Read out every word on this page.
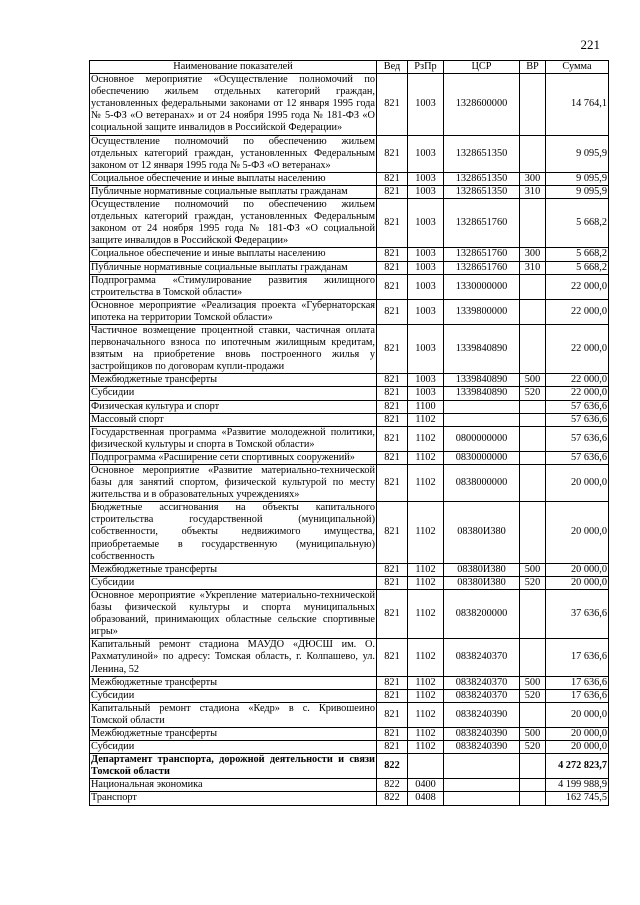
221
Наименование показателей	Вед	РзПр	ЦСР	ВР	Сумма
Основное мероприятие «Осуществление полномочий по обеспечению жильем отдельных категорий граждан, установленных федеральными законами от 12 января 1995 года № 5-ФЗ «О ветеранах» и от 24 ноября 1995 года № 181-ФЗ «О социальной защите инвалидов в Российской Федерации»	821	1003	1328600000		14 764,1
Осуществление полномочий по обеспечению жильем отдельных категорий граждан, установленных Федеральным законом от 12 января 1995 года № 5-ФЗ «О ветеранах»	821	1003	1328651350		9 095,9
Социальное обеспечение и иные выплаты населению	821	1003	1328651350	300	9 095,9
Публичные нормативные социальные выплаты гражданам	821	1003	1328651350	310	9 095,9
Осуществление полномочий по обеспечению жильем отдельных категорий граждан, установленных Федеральным законом от 24 ноября 1995 года № 181-ФЗ «О социальной защите инвалидов в Российской Федерации»	821	1003	1328651760		5 668,2
Социальное обеспечение и иные выплаты населению	821	1003	1328651760	300	5 668,2
Публичные нормативные социальные выплаты гражданам	821	1003	1328651760	310	5 668,2
Подпрограмма «Стимулирование развития жилищного строительства в Томской области»	821	1003	1330000000		22 000,0
Основное мероприятие «Реализация проекта «Губернаторская ипотека на территории Томской области»	821	1003	1339800000		22 000,0
Частичное возмещение процентной ставки, частичная оплата первоначального взноса по ипотечным жилищным кредитам, взятым на приобретение вновь построенного жилья у застройщиков по договорам купли-продажи	821	1003	1339840890		22 000,0
Межбюджетные трансферты	821	1003	1339840890	500	22 000,0
Субсидии	821	1003	1339840890	520	22 000,0
Физическая культура и спорт	821	1100			57 636,6
Массовый спорт	821	1102			57 636,6
Государственная программа «Развитие молодежной политики, физической культуры и спорта в Томской области»	821	1102	0800000000		57 636,6
Подпрограмма «Расширение сети спортивных сооружений»	821	1102	0830000000		57 636,6
Основное мероприятие «Развитие материально-технической базы для занятий спортом, физической культурой по месту жительства и в образовательных учреждениях»	821	1102	0838000000		20 000,0
Бюджетные ассигнования на объекты капитального строительства государственной (муниципальной) собственности, объекты недвижимого имущества, приобретаемые в государственную (муниципальную) собственность	821	1102	08380И380		20 000,0
Межбюджетные трансферты	821	1102	08380И380	500	20 000,0
Субсидии	821	1102	08380И380	520	20 000,0
Основное мероприятие «Укрепление материально-технической базы физической культуры и спорта муниципальных образований, принимающих областные сельские спортивные игры»	821	1102	0838200000		37 636,6
Капитальный ремонт стадиона МАУДО «ДЮСШ им. О. Рахматулиной» по адресу: Томская область, г. Колпашево, ул. Ленина, 52	821	1102	0838240370		17 636,6
Межбюджетные трансферты	821	1102	0838240370	500	17 636,6
Субсидии	821	1102	0838240370	520	17 636,6
Капитальный ремонт стадиона «Кедр» в с. Кривошеино Томской области	821	1102	0838240390		20 000,0
Межбюджетные трансферты	821	1102	0838240390	500	20 000,0
Субсидии	821	1102	0838240390	520	20 000,0
Департамент транспорта, дорожной деятельности и связи Томской области	822				4 272 823,7
Национальная экономика	822	0400			4 199 988,9
Транспорт	822	0408			162 745,5
